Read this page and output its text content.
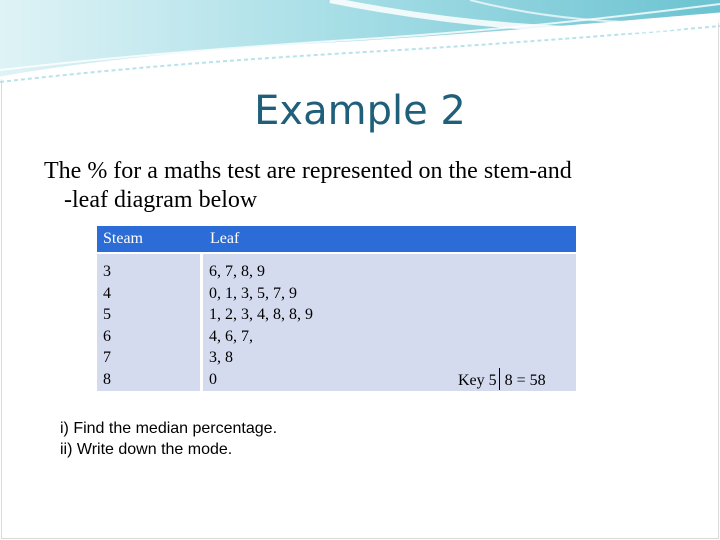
Example 2
The % for a maths test are represented on the stem-and
-leaf diagram below
Steam	Leaf
3
4
5
6
7
8
6, 7, 8, 9
0, 1, 3, 5, 7, 9
1, 2, 3, 4, 8, 8, 9
4, 6, 7,
3, 8
0	Key 5 8 = 58
i) Find the median percentage.
ii) Write down the mode.
